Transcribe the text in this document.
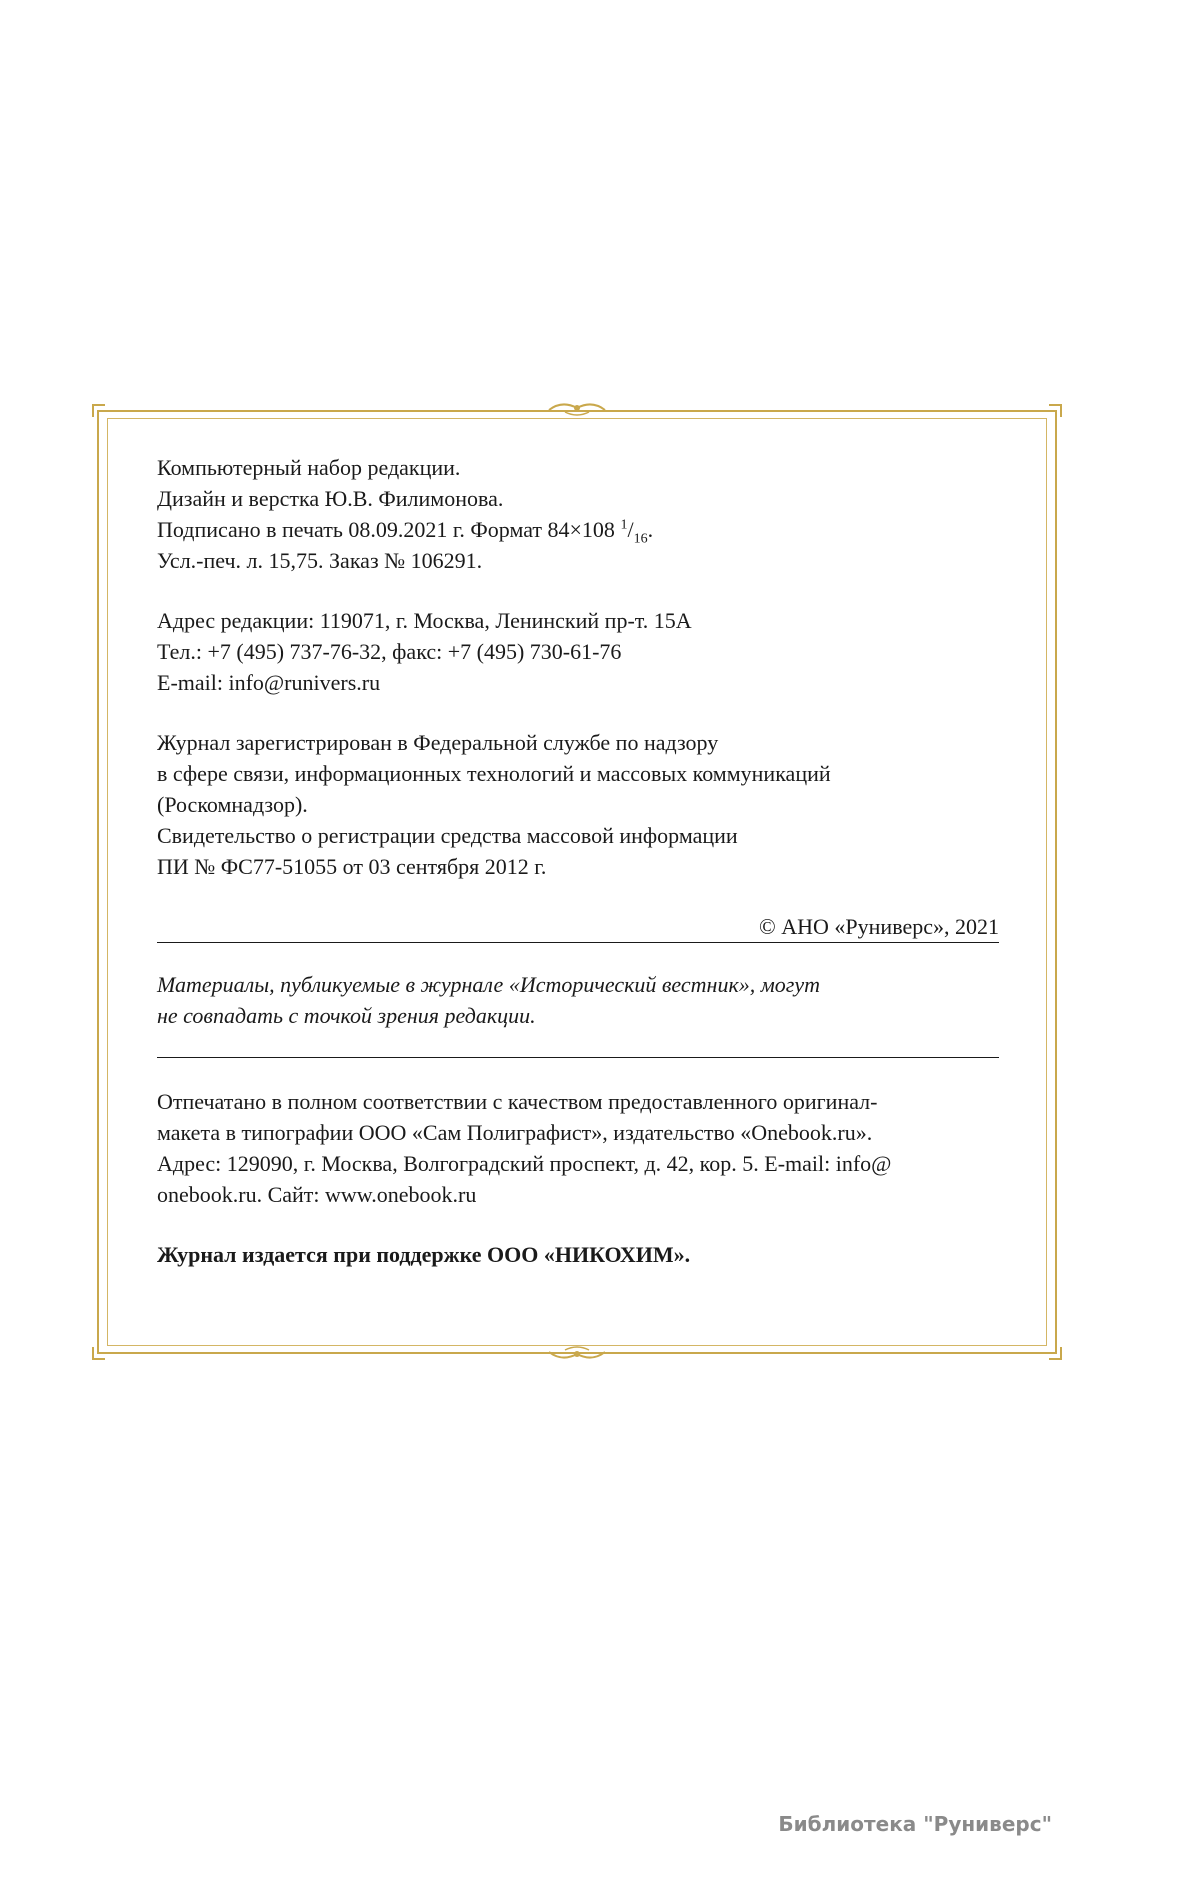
Компьютерный набор редакции.

Дизайн и верстка Ю.В. Филимонова.

Подписано в печать 08.09.2021 г. Формат 84×108 $^1/_{16}$.

Усл.-печ. л. 15,75. Заказ № 106291.

Адрес редакции: 119071, г. Москва, Ленинский пр-т. 15А

Тел.: +7 (495) 737-76-32, факс: +7 (495) 730-61-76

E-mail: info@runivers.ru

Журнал зарегистрирован в Федеральной службе по надзору

в сфере связи, информационных технологий и массовых коммуникаций

(Роскомнадзор).

Свидетельство о регистрации средства массовой информации

ПИ № ФС77-51055 от 03 сентября 2012 г.

© АНО «Руниверс», 2021

Материалы, публикуемые в журнале «Исторический вестник», могут

не совпадать с точкой зрения редакции.

Отпечатано в полном соответствии с качеством предоставленного оригинал-

макета в типографии ООО «Сам Полиграфист», издательство «Onebook.ru».

Адрес: 129090, г. Москва, Волгоградский проспект, д. 42, кор. 5. E-mail: info@

onebook.ru. Сайт: www.onebook.ru

Журнал издается при поддержке ООО «НИКОХИМ».

Библиотека "Руниверс"
